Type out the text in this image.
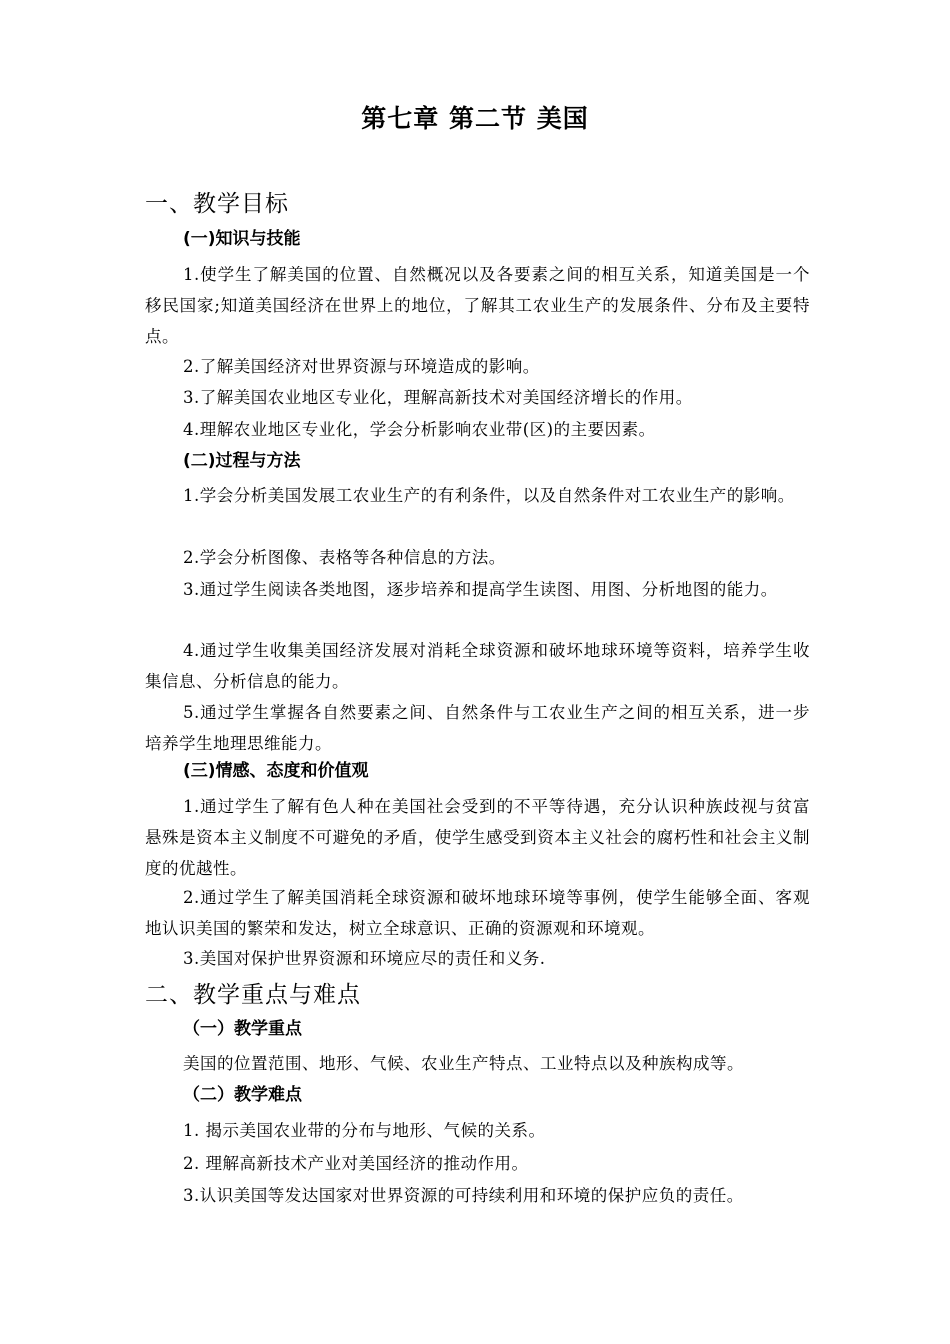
第七章 第二节 美国
一、教学目标
(一)知识与技能
1.使学生了解美国的位置、自然概况以及各要素之间的相互关系，知道美国是一个移民国家;知道美国经济在世界上的地位，了解其工农业生产的发展条件、分布及主要特点。
2.了解美国经济对世界资源与环境造成的影响。
3.了解美国农业地区专业化，理解高新技术对美国经济增长的作用。
4.理解农业地区专业化，学会分析影响农业带(区)的主要因素。
(二)过程与方法
1.学会分析美国发展工农业生产的有利条件，以及自然条件对工农业生产的影响。
2.学会分析图像、表格等各种信息的方法。
3.通过学生阅读各类地图，逐步培养和提高学生读图、用图、分析地图的能力。
4.通过学生收集美国经济发展对消耗全球资源和破坏地球环境等资料，培养学生收集信息、分析信息的能力。
5.通过学生掌握各自然要素之间、自然条件与工农业生产之间的相互关系，进一步培养学生地理思维能力。
(三)情感、态度和价值观
1.通过学生了解有色人种在美国社会受到的不平等待遇，充分认识种族歧视与贫富悬殊是资本主义制度不可避免的矛盾，使学生感受到资本主义社会的腐朽性和社会主义制度的优越性。
2.通过学生了解美国消耗全球资源和破坏地球环境等事例，使学生能够全面、客观地认识美国的繁荣和发达，树立全球意识、正确的资源观和环境观。
3.美国对保护世界资源和环境应尽的责任和义务.
二、教学重点与难点
（一）教学重点
美国的位置范围、地形、气候、农业生产特点、工业特点以及种族构成等。
（二）教学难点
1. 揭示美国农业带的分布与地形、气候的关系。
2. 理解高新技术产业对美国经济的推动作用。
3.认识美国等发达国家对世界资源的可持续利用和环境的保护应负的责任。
